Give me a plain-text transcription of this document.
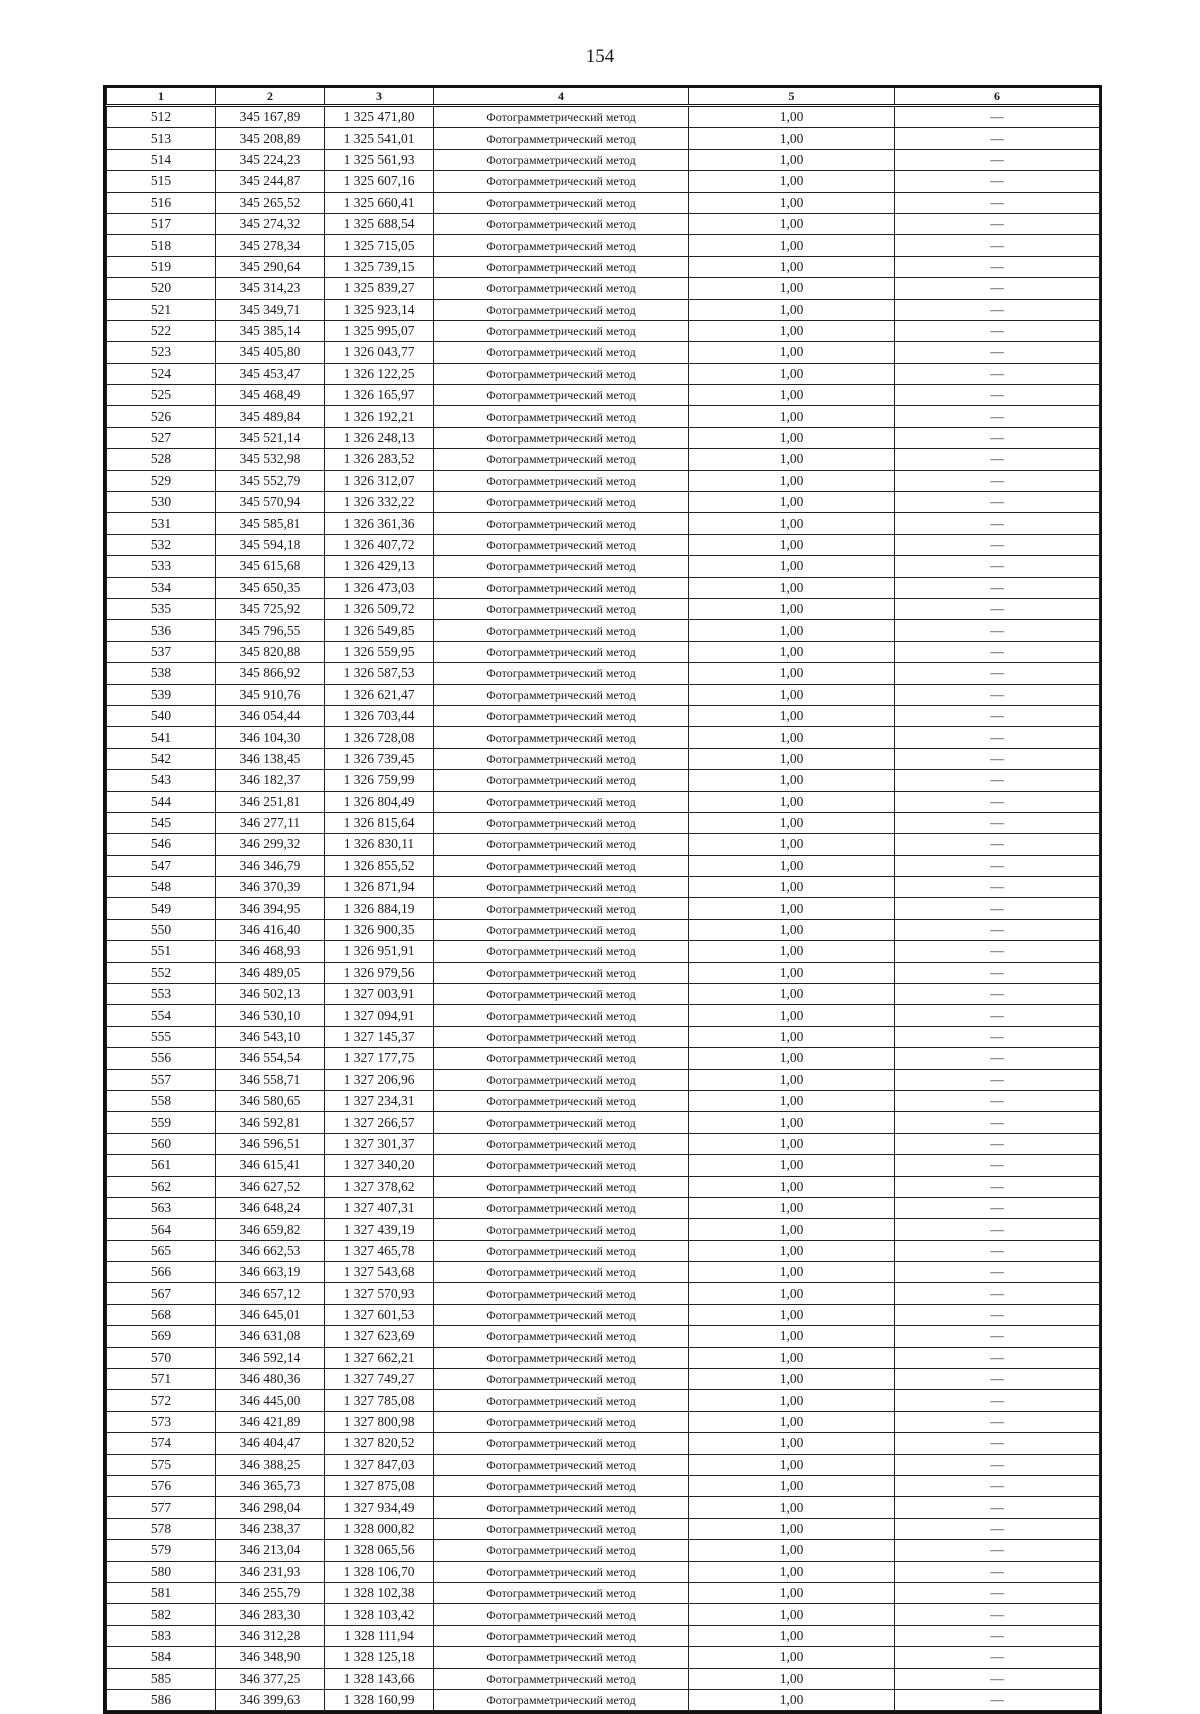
154
1	2	3	4	5	6
512	345 167,89	1 325 471,80	Фотограмметрический метод	1,00	—
513	345 208,89	1 325 541,01	Фотограмметрический метод	1,00	—
514	345 224,23	1 325 561,93	Фотограмметрический метод	1,00	—
515	345 244,87	1 325 607,16	Фотограмметрический метод	1,00	—
516	345 265,52	1 325 660,41	Фотограмметрический метод	1,00	—
517	345 274,32	1 325 688,54	Фотограмметрический метод	1,00	—
518	345 278,34	1 325 715,05	Фотограмметрический метод	1,00	—
519	345 290,64	1 325 739,15	Фотограмметрический метод	1,00	—
520	345 314,23	1 325 839,27	Фотограмметрический метод	1,00	—
521	345 349,71	1 325 923,14	Фотограмметрический метод	1,00	—
522	345 385,14	1 325 995,07	Фотограмметрический метод	1,00	—
523	345 405,80	1 326 043,77	Фотограмметрический метод	1,00	—
524	345 453,47	1 326 122,25	Фотограмметрический метод	1,00	—
525	345 468,49	1 326 165,97	Фотограмметрический метод	1,00	—
526	345 489,84	1 326 192,21	Фотограмметрический метод	1,00	—
527	345 521,14	1 326 248,13	Фотограмметрический метод	1,00	—
528	345 532,98	1 326 283,52	Фотограмметрический метод	1,00	—
529	345 552,79	1 326 312,07	Фотограмметрический метод	1,00	—
530	345 570,94	1 326 332,22	Фотограмметрический метод	1,00	—
531	345 585,81	1 326 361,36	Фотограмметрический метод	1,00	—
532	345 594,18	1 326 407,72	Фотограмметрический метод	1,00	—
533	345 615,68	1 326 429,13	Фотограмметрический метод	1,00	—
534	345 650,35	1 326 473,03	Фотограмметрический метод	1,00	—
535	345 725,92	1 326 509,72	Фотограмметрический метод	1,00	—
536	345 796,55	1 326 549,85	Фотограмметрический метод	1,00	—
537	345 820,88	1 326 559,95	Фотограмметрический метод	1,00	—
538	345 866,92	1 326 587,53	Фотограмметрический метод	1,00	—
539	345 910,76	1 326 621,47	Фотограмметрический метод	1,00	—
540	346 054,44	1 326 703,44	Фотограмметрический метод	1,00	—
541	346 104,30	1 326 728,08	Фотограмметрический метод	1,00	—
542	346 138,45	1 326 739,45	Фотограмметрический метод	1,00	—
543	346 182,37	1 326 759,99	Фотограмметрический метод	1,00	—
544	346 251,81	1 326 804,49	Фотограмметрический метод	1,00	—
545	346 277,11	1 326 815,64	Фотограмметрический метод	1,00	—
546	346 299,32	1 326 830,11	Фотограмметрический метод	1,00	—
547	346 346,79	1 326 855,52	Фотограмметрический метод	1,00	—
548	346 370,39	1 326 871,94	Фотограмметрический метод	1,00	—
549	346 394,95	1 326 884,19	Фотограмметрический метод	1,00	—
550	346 416,40	1 326 900,35	Фотограмметрический метод	1,00	—
551	346 468,93	1 326 951,91	Фотограмметрический метод	1,00	—
552	346 489,05	1 326 979,56	Фотограмметрический метод	1,00	—
553	346 502,13	1 327 003,91	Фотограмметрический метод	1,00	—
554	346 530,10	1 327 094,91	Фотограмметрический метод	1,00	—
555	346 543,10	1 327 145,37	Фотограмметрический метод	1,00	—
556	346 554,54	1 327 177,75	Фотограмметрический метод	1,00	—
557	346 558,71	1 327 206,96	Фотограмметрический метод	1,00	—
558	346 580,65	1 327 234,31	Фотограмметрический метод	1,00	—
559	346 592,81	1 327 266,57	Фотограмметрический метод	1,00	—
560	346 596,51	1 327 301,37	Фотограмметрический метод	1,00	—
561	346 615,41	1 327 340,20	Фотограмметрический метод	1,00	—
562	346 627,52	1 327 378,62	Фотограмметрический метод	1,00	—
563	346 648,24	1 327 407,31	Фотограмметрический метод	1,00	—
564	346 659,82	1 327 439,19	Фотограмметрический метод	1,00	—
565	346 662,53	1 327 465,78	Фотограмметрический метод	1,00	—
566	346 663,19	1 327 543,68	Фотограмметрический метод	1,00	—
567	346 657,12	1 327 570,93	Фотограмметрический метод	1,00	—
568	346 645,01	1 327 601,53	Фотограмметрический метод	1,00	—
569	346 631,08	1 327 623,69	Фотограмметрический метод	1,00	—
570	346 592,14	1 327 662,21	Фотограмметрический метод	1,00	—
571	346 480,36	1 327 749,27	Фотограмметрический метод	1,00	—
572	346 445,00	1 327 785,08	Фотограмметрический метод	1,00	—
573	346 421,89	1 327 800,98	Фотограмметрический метод	1,00	—
574	346 404,47	1 327 820,52	Фотограмметрический метод	1,00	—
575	346 388,25	1 327 847,03	Фотограмметрический метод	1,00	—
576	346 365,73	1 327 875,08	Фотограмметрический метод	1,00	—
577	346 298,04	1 327 934,49	Фотограмметрический метод	1,00	—
578	346 238,37	1 328 000,82	Фотограмметрический метод	1,00	—
579	346 213,04	1 328 065,56	Фотограмметрический метод	1,00	—
580	346 231,93	1 328 106,70	Фотограмметрический метод	1,00	—
581	346 255,79	1 328 102,38	Фотограмметрический метод	1,00	—
582	346 283,30	1 328 103,42	Фотограмметрический метод	1,00	—
583	346 312,28	1 328 111,94	Фотограмметрический метод	1,00	—
584	346 348,90	1 328 125,18	Фотограмметрический метод	1,00	—
585	346 377,25	1 328 143,66	Фотограмметрический метод	1,00	—
586	346 399,63	1 328 160,99	Фотограмметрический метод	1,00	—
